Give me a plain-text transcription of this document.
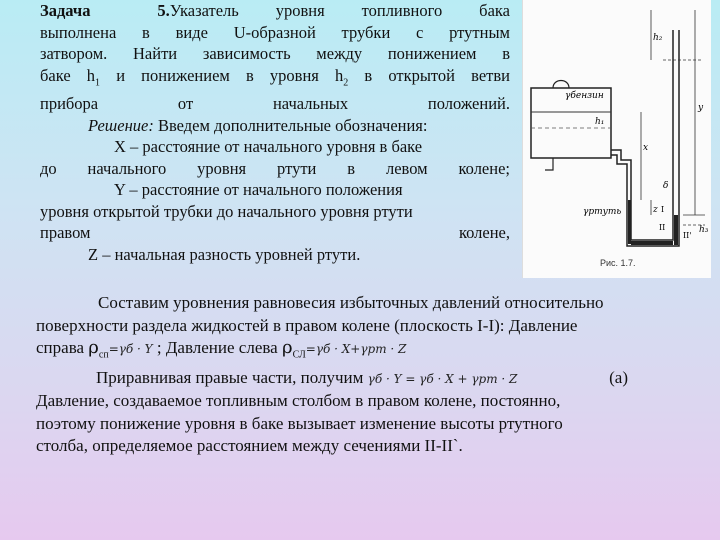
Задача	5.Указатель уровня топливного бака

выполнена в виде U-образной трубки с ртутным

затвором. Найти зависимость между понижением в

баке $h_1$ и понижением в уровня $h_2$ в открытой ветви

прибора от начальных положений.

Решение: Введем дополнительные обозначения:

X – расстояние от начального уровня в баке

до начального уровня ртути в левом колене;

Y – расстояние от начального положения

уровня открытой трубки до начального уровня ртути

правом колене,

Z – начальная разность уровней ртути.

h₂
γбензин
h₁
x
y
z
γртуть
δ
h₃
I
II
II'
Рис. 1.7.

Составим уровнения равновесия избыточных давлений относительно

поверхности раздела жидкостей в правом колене (плоскость I-I): Давление

справа $\rho_{сп}=\gamma б \cdot Y$ ; Давление слева $\rho_{СЛ}=\gamma б \cdot X+\gamma рт \cdot Z$

Приравнивая правые части, получим γб · Y = γб · X + γрт · Z	(а)

Давление, создаваемое топливным столбом в правом колене, постоянно,

поэтому понижение уровня в баке вызывает изменение высоты ртутного

столба, определяемое расстоянием между сечениями II-II`.
